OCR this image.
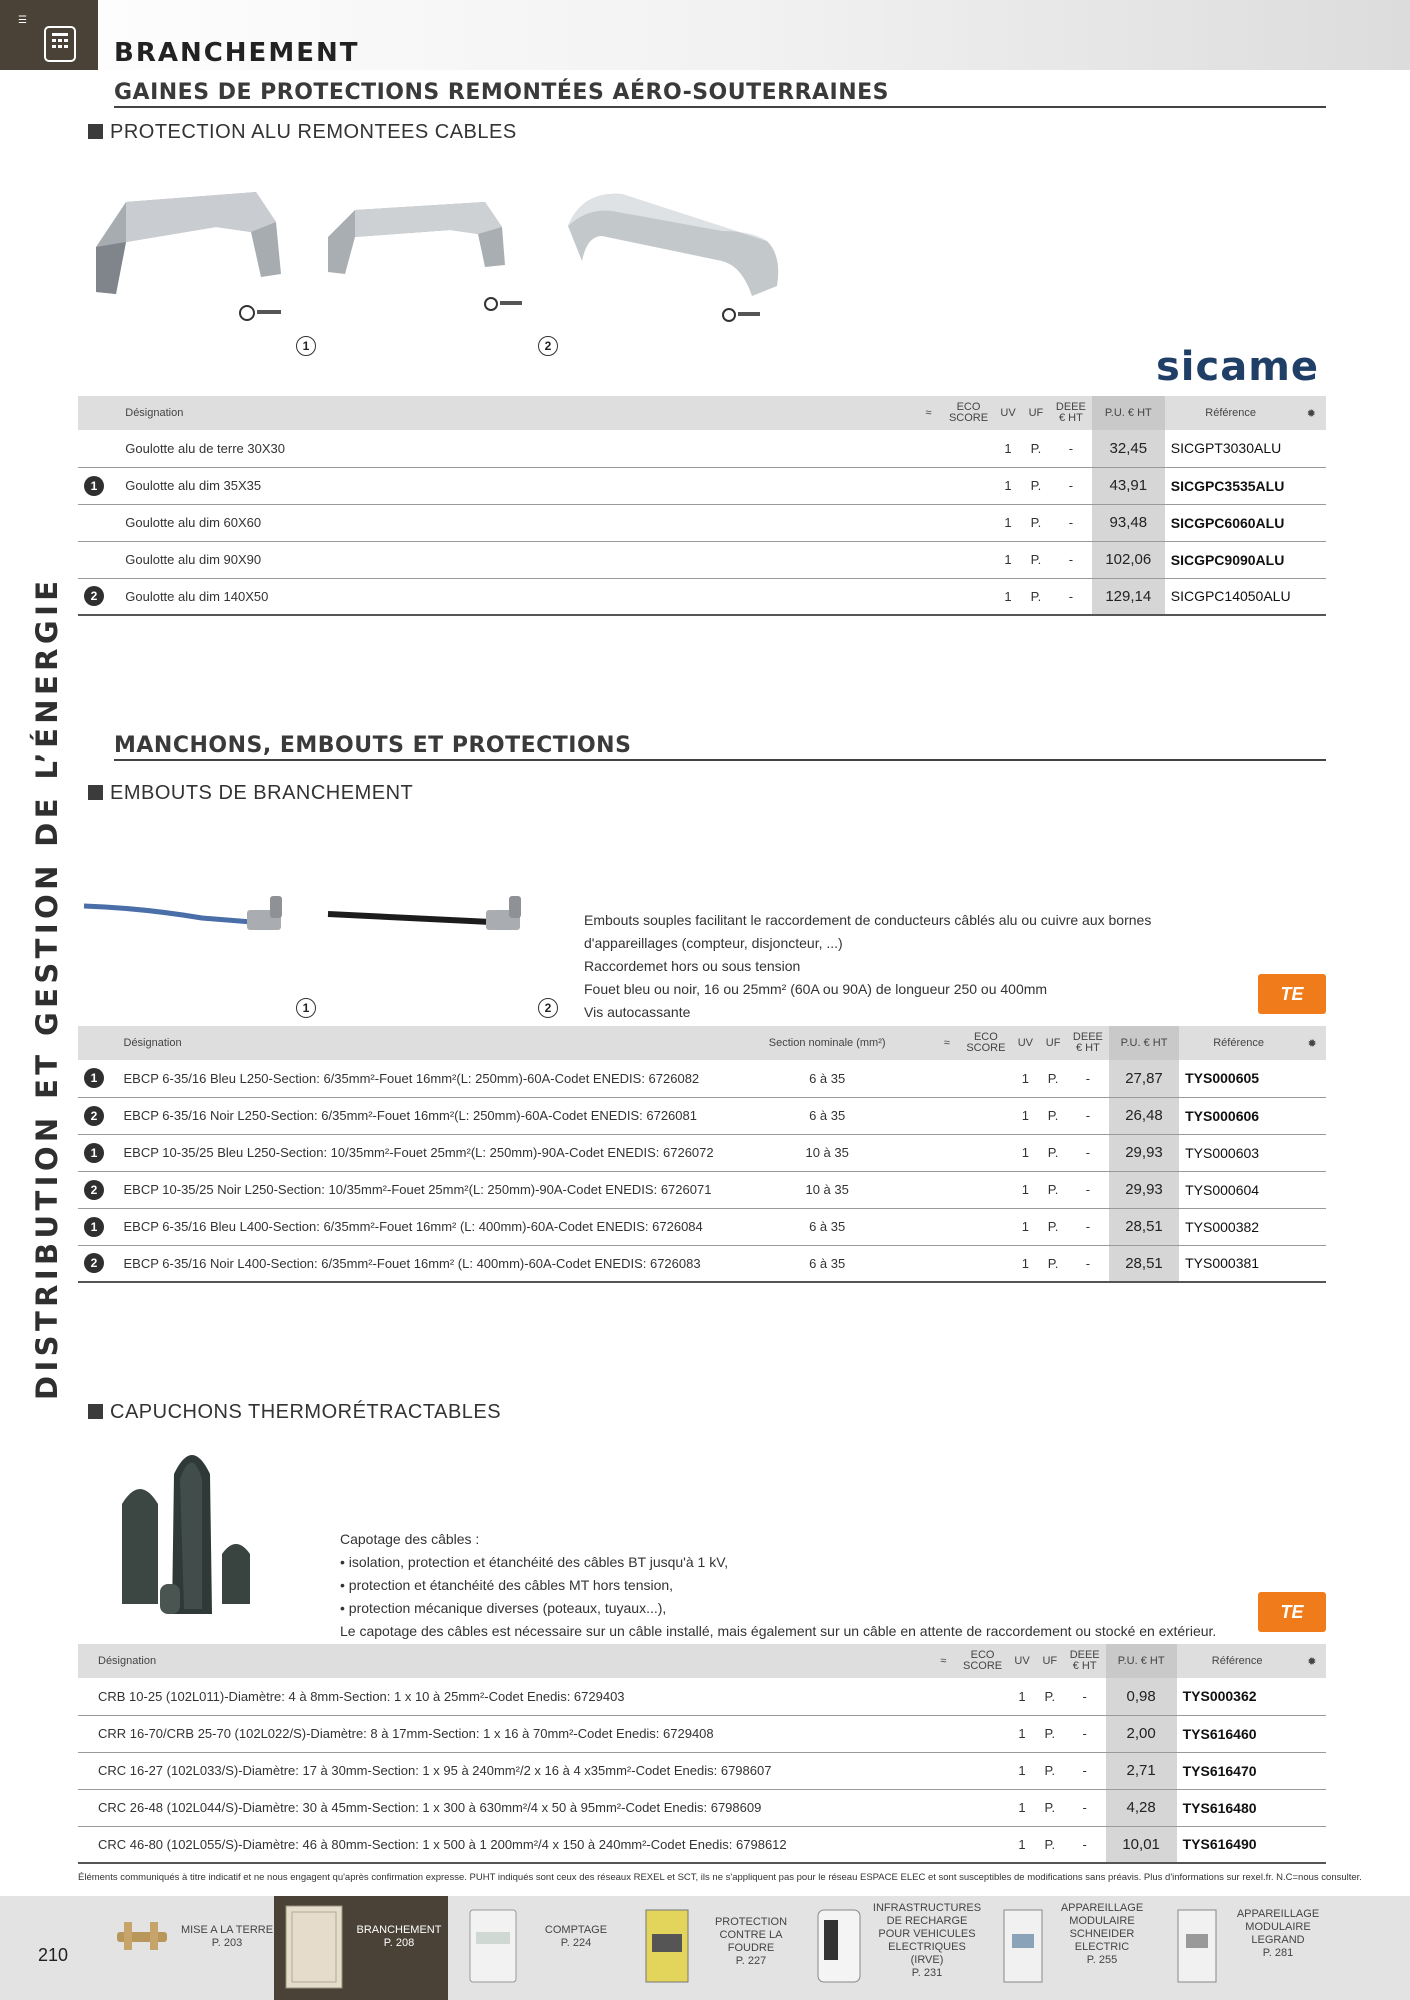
☰
BRANCHEMENT
DISTRIBUTION ET GESTION DE L’ÉNERGIE
GAINES DE PROTECTIONS REMONTÉES AÉRO-SOUTERRAINES
PROTECTION ALU REMONTEES CABLES
1	2	sicame
	Désignation	≈	ECO
SCORE	UV	UF	DEEE
€ HT	P.U. € HT	Référence	✹
	Goulotte alu de terre 30X30			1	P.	-	32,45	SICGPT3030ALU	

1	Goulotte alu dim 35X35			1	P.	-	43,91	SICGPC3535ALU	
	Goulotte alu dim 60X60			1	P.	-	93,48	SICGPC6060ALU	
	Goulotte alu dim 90X90			1	P.	-	102,06	SICGPC9090ALU	

2	Goulotte alu dim 140X50			1	P.	-	129,14	SICGPC14050ALU	
MANCHONS, EMBOUTS ET PROTECTIONS
EMBOUTS DE BRANCHEMENT
1	2
Embouts souples facilitant le raccordement de conducteurs câblés alu ou cuivre aux bornes
d'appareillages (compteur, disjoncteur, ...)
Raccordemet hors ou sous tension
Fouet bleu ou noir, 16 ou 25mm² (60A ou 90A) de longueur 250 ou 400mm
Vis autocassante
TE
	Désignation	Section nominale (mm²)	≈	ECO
SCORE	UV	UF	DEEE
€ HT	P.U. € HT	Référence	✹

1	EBCP 6-35/16 Bleu L250-Section: 6/35mm²-Fouet 16mm²(L: 250mm)-60A-Codet ENEDIS: 6726082	6 à 35			1	P.	-	27,87	TYS000605	

2	EBCP 6-35/16 Noir L250-Section: 6/35mm²-Fouet 16mm²(L: 250mm)-60A-Codet ENEDIS: 6726081	6 à 35			1	P.	-	26,48	TYS000606	

1	EBCP 10-35/25 Bleu L250-Section: 10/35mm²-Fouet 25mm²(L: 250mm)-90A-Codet ENEDIS: 6726072	10 à 35			1	P.	-	29,93	TYS000603	

2	EBCP 10-35/25 Noir L250-Section: 10/35mm²-Fouet 25mm²(L: 250mm)-90A-Codet ENEDIS: 6726071	10 à 35			1	P.	-	29,93	TYS000604	

1	EBCP 6-35/16 Bleu L400-Section: 6/35mm²-Fouet 16mm² (L: 400mm)-60A-Codet ENEDIS: 6726084	6 à 35			1	P.	-	28,51	TYS000382	

2	EBCP 6-35/16 Noir L400-Section: 6/35mm²-Fouet 16mm² (L: 400mm)-60A-Codet ENEDIS: 6726083	6 à 35			1	P.	-	28,51	TYS000381	
CAPUCHONS THERMORÉTRACTABLES
Capotage des câbles :
• isolation, protection et étanchéité des câbles BT jusqu'à 1 kV,
• protection et étanchéité des câbles MT hors tension,
• protection mécanique diverses (poteaux, tuyaux...),
Le capotage des câbles est nécessaire sur un câble installé, mais également sur un câble en attente de raccordement ou stocké en extérieur.
TE
Désignation	≈	ECO
SCORE	UV	UF	DEEE
€ HT	P.U. € HT	Référence	✹
CRB 10-25 (102L011)-Diamètre: 4 à 8mm-Section: 1 x 10 à 25mm²-Codet Enedis: 6729403			1	P.	-	0,98	TYS000362	
CRR 16-70/CRB 25-70 (102L022/S)-Diamètre: 8 à 17mm-Section: 1 x 16 à 70mm²-Codet Enedis: 6729408			1	P.	-	2,00	TYS616460	
CRC 16-27 (102L033/S)-Diamètre: 17 à 30mm-Section: 1 x 95 à 240mm²/2 x 16 à 4 x35mm²-Codet Enedis: 6798607			1	P.	-	2,71	TYS616470	
CRC 26-48 (102L044/S)-Diamètre: 30 à 45mm-Section: 1 x 300 à 630mm²/4 x 50 à 95mm²-Codet Enedis: 6798609			1	P.	-	4,28	TYS616480	
CRC 46-80 (102L055/S)-Diamètre: 46 à 80mm-Section: 1 x 500 à 1 200mm²/4 x 150 à 240mm²-Codet Enedis: 6798612			1	P.	-	10,01	TYS616490	
Éléments communiqués à titre indicatif et ne nous engagent qu'après confirmation expresse. PUHT indiqués sont ceux des réseaux REXEL et SCT, ils ne s'appliquent pas pour le réseau ESPACE ELEC et sont susceptibles de modifications sans préavis. Plus d'informations sur rexel.fr. N.C=nous consulter.
210
MISE A LA TERRE
P. 203
BRANCHEMENT
P. 208
COMPTAGE
P. 224
PROTECTION CONTRE LA FOUDRE
P. 227
INFRASTRUCTURES DE RECHARGE POUR VEHICULES ELECTRIQUES (IRVE)
P. 231
APPAREILLAGE MODULAIRE SCHNEIDER ELECTRIC
P. 255
APPAREILLAGE MODULAIRE LEGRAND
P. 281
